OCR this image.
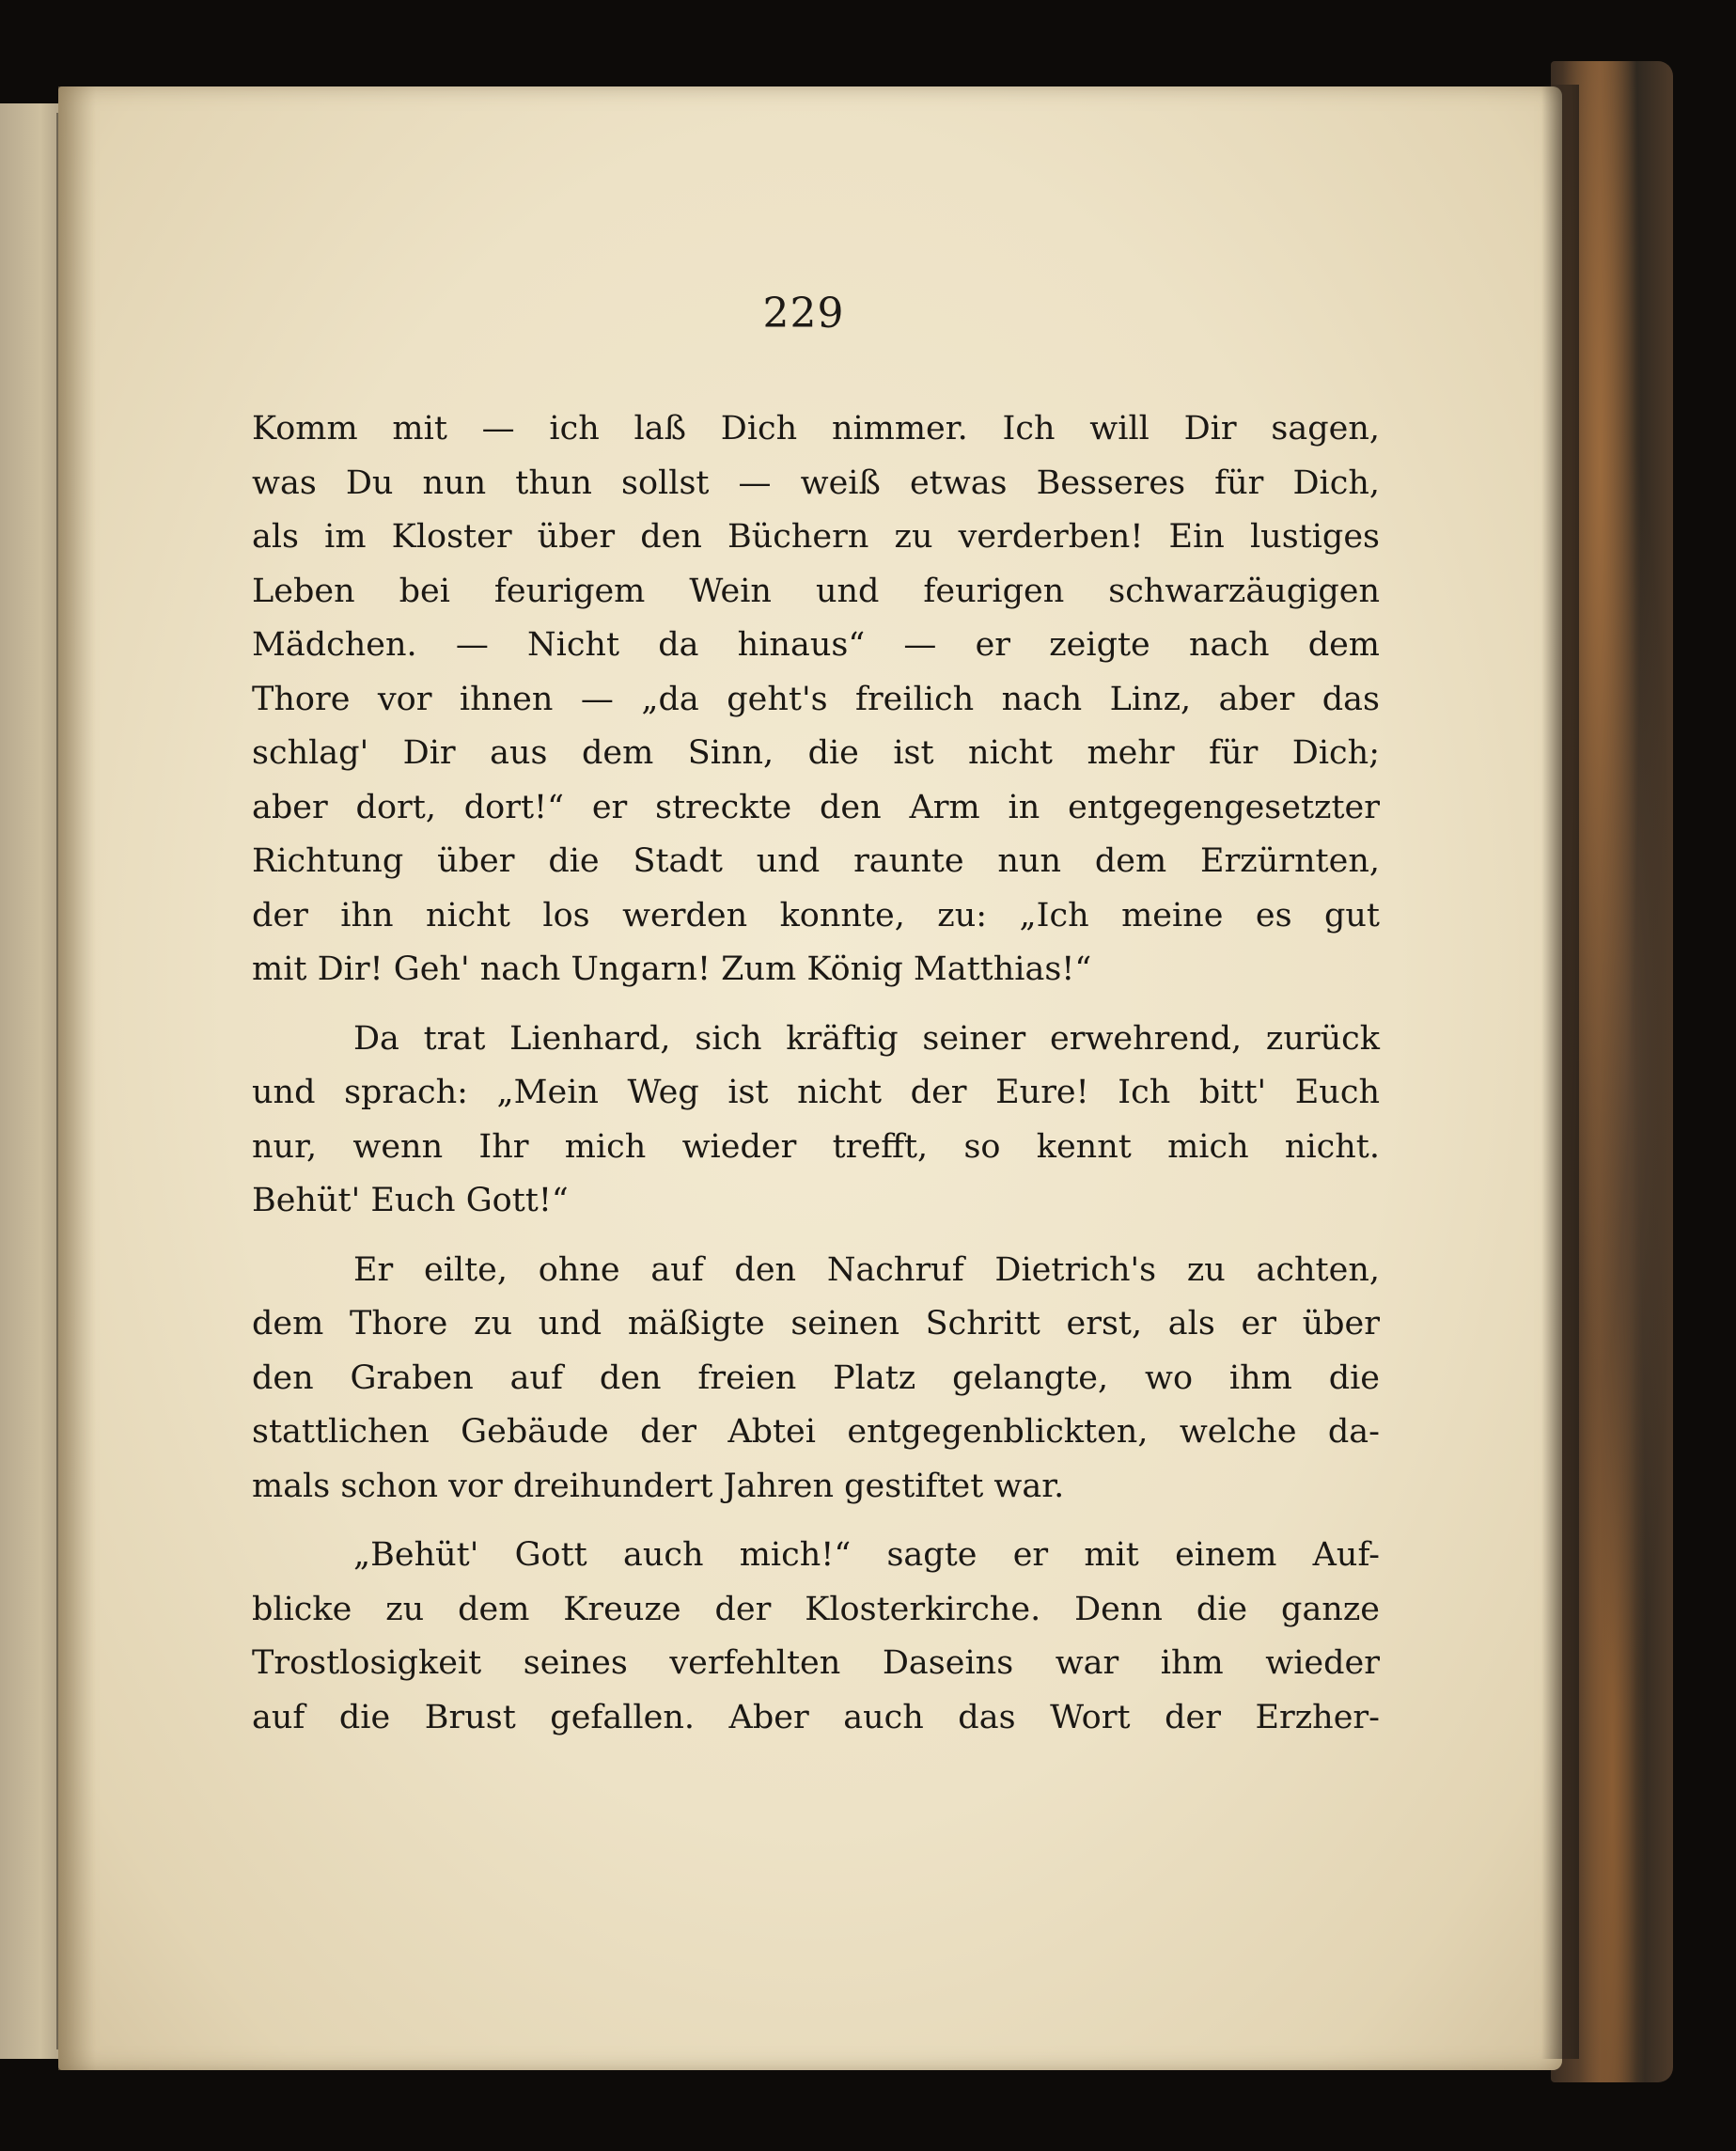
229
Komm mit — ich laß Dich nimmer. Ich will Dir sagen,
was Du nun thun sollst — weiß etwas Besseres für Dich,
als im Kloster über den Büchern zu verderben! Ein lustiges
Leben bei feurigem Wein und feurigen schwarzäugigen
Mädchen. — Nicht da hinaus“ — er zeigte nach dem
Thore vor ihnen — „da geht's freilich nach Linz, aber das
schlag' Dir aus dem Sinn, die ist nicht mehr für Dich;
aber dort, dort!“ er streckte den Arm in entgegengesetzter
Richtung über die Stadt und raunte nun dem Erzürnten,
der ihn nicht los werden konnte, zu: „Ich meine es gut
mit Dir! Geh' nach Ungarn! Zum König Matthias!“
Da trat Lienhard, sich kräftig seiner erwehrend, zurück
und sprach: „Mein Weg ist nicht der Eure! Ich bitt' Euch
nur, wenn Ihr mich wieder trefft, so kennt mich nicht.
Behüt' Euch Gott!“
Er eilte, ohne auf den Nachruf Dietrich's zu achten,
dem Thore zu und mäßigte seinen Schritt erst, als er über
den Graben auf den freien Platz gelangte, wo ihm die
stattlichen Gebäude der Abtei entgegenblickten, welche da-
mals schon vor dreihundert Jahren gestiftet war.
„Behüt' Gott auch mich!“ sagte er mit einem Auf-
blicke zu dem Kreuze der Klosterkirche. Denn die ganze
Trostlosigkeit seines verfehlten Daseins war ihm wieder
auf die Brust gefallen. Aber auch das Wort der Erzher-
